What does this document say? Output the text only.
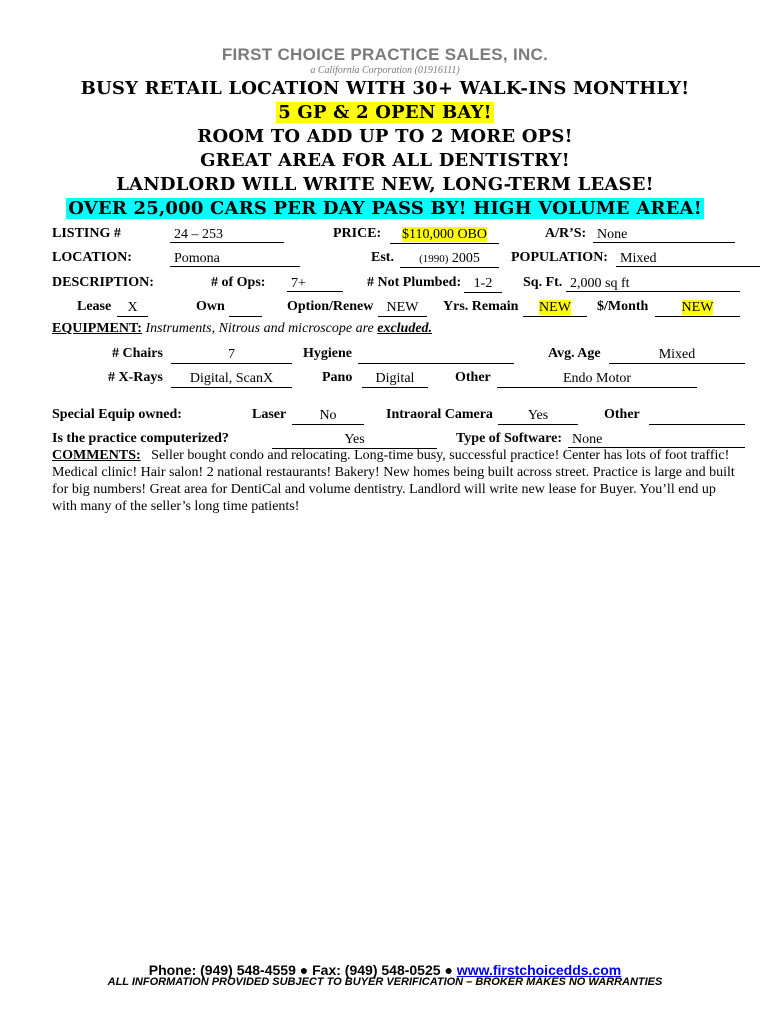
FIRST CHOICE PRACTICE SALES, INC.
a California Corporation (01916111)
BUSY RETAIL LOCATION WITH 30+ WALK-INS MONTHLY!
5 GP & 2 OPEN BAY!
ROOM TO ADD UP TO 2 MORE OPS!
GREAT AREA FOR ALL DENTISTRY!
LANDLORD WILL WRITE NEW, LONG-TERM LEASE!
OVER 25,000 CARS PER DAY PASS BY! HIGH VOLUME AREA!
LISTING #	24 – 253	PRICE:	$110,000 OBO	A/R’S: None
LOCATION:	Pomona	Est.	(1990) 2005	POPULATION: Mixed
DESCRIPTION:	# of Ops: 7+	# Not Plumbed: 1-2	Sq. Ft. 2,000 sq ft
Lease	X	Own	Option/Renew NEW	Yrs. Remain	NEW	$/Month	NEW
EQUIPMENT: Instruments, Nitrous and microscope are excluded.
# Chairs	7	Hygiene	Avg. Age	Mixed
# X-Rays	Digital, ScanX	Pano	Digital	Other	Endo Motor
Special Equip owned:	Laser	No	Intraoral Camera	Yes	Other
Is the practice computerized?	Yes	Type of Software: None
COMMENTS: Seller bought condo and relocating. Long-time busy, successful practice! Center has lots of foot traffic! Medical clinic! Hair salon! 2 national restaurants! Bakery! New homes being built across street. Practice is large and built for big numbers! Great area for DentiCal and volume dentistry. Landlord will write new lease for Buyer. You’ll end up with many of the seller’s long time patients!
Phone: (949) 548-4559 ● Fax: (949) 548-0525 ● www.firstchoicedds.com
ALL INFORMATION PROVIDED SUBJECT TO BUYER VERIFICATION – BROKER MAKES NO WARRANTIES
